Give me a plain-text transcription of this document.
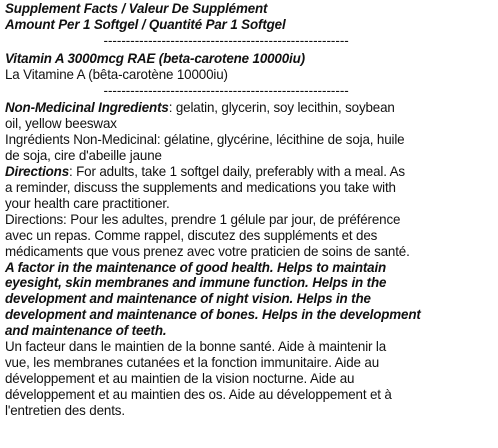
Supplement Facts / Valeur De Supplément
Amount Per 1 Softgel / Quantité Par 1 Softgel
-------------------------------------------------------
Vitamin A 3000mcg RAE (beta-carotene 10000iu)
La Vitamine A (bêta-carotène 10000iu)
-------------------------------------------------------
Non-Medicinal Ingredients: gelatin, glycerin, soy lecithin, soybean
oil, yellow beeswax
Ingrédients Non-Medicinal: gélatine, glycérine, lécithine de soja, huile
de soja, cire d'abeille jaune
Directions: For adults, take 1 softgel daily, preferably with a meal. As
a reminder, discuss the supplements and medications you take with
your health care practitioner.
Directions: Pour les adultes, prendre 1 gélule par jour, de préférence
avec un repas. Comme rappel, discutez des suppléments et des
médicaments que vous prenez avec votre praticien de soins de santé.
A factor in the maintenance of good health. Helps to maintain
eyesight, skin membranes and immune function. Helps in the
development and maintenance of night vision. Helps in the
development and maintenance of bones. Helps in the development
and maintenance of teeth.
Un facteur dans le maintien de la bonne santé. Aide à maintenir la
vue, les membranes cutanées et la fonction immunitaire. Aide au
développement et au maintien de la vision nocturne. Aide au
développement et au maintien des os. Aide au développement et à
l'entretien des dents.
